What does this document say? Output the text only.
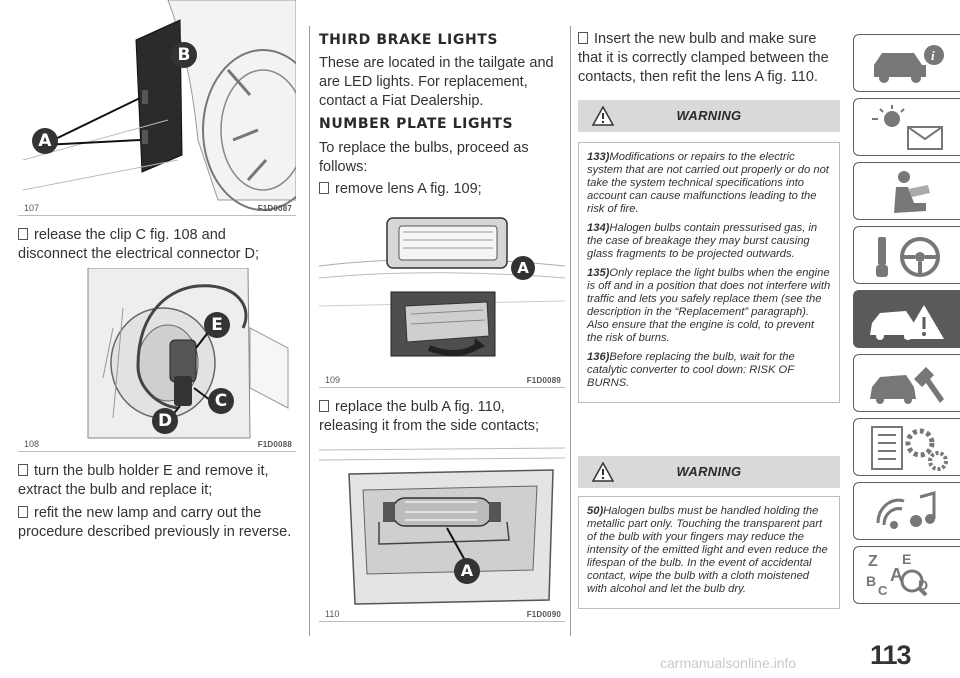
B
A
107	F1D0087
release the clip C fig. 108 and disconnect the electrical connector D;
E
C
D
108	F1D0088
turn the bulb holder E and remove it, extract the bulb and replace it;
refit the new lamp and carry out the procedure described previously in reverse.
THIRD BRAKE LIGHTS
These are located in the tailgate and are LED lights. For replacement, contact a Fiat Dealership.
NUMBER PLATE LIGHTS
To replace the bulbs, proceed as follows:
remove lens A fig. 109;
A
109	F1D0089
replace the bulb A fig. 110, releasing it from the side contacts;
A
110	F1D0090
Insert the new bulb and make sure that it is correctly clamped between the contacts, then refit the lens A fig. 110.
WARNING

133)Modifications or repairs to the electric system that are not carried out properly or do not take the system technical specifications into account can cause malfunctions leading to the risk of fire.

134)Halogen bulbs contain pressurised gas, in the case of breakage they may burst causing glass fragments to be projected outwards.

135)Only replace the light bulbs when the engine is off and in a position that does not interfere with traffic and lets you safely replace them (see the description in the “Replacement” paragraph). Also ensure that the engine is cold, to prevent the risk of burns.

136)Before replacing the bulb, wait for the catalytic converter to cool down: RISK OF BURNS.

WARNING

50)Halogen bulbs must be handled holding the metallic part only. Touching the transparent part of the bulb with your fingers may reduce the intensity of the emitted light and even reduce the lifespan of the bulb. In the event of accidental contact, wipe the bulb with a cloth moistened with alcohol and let the bulb dry.

i
Z E
A
B
C D
113
carmanualsonline.info
